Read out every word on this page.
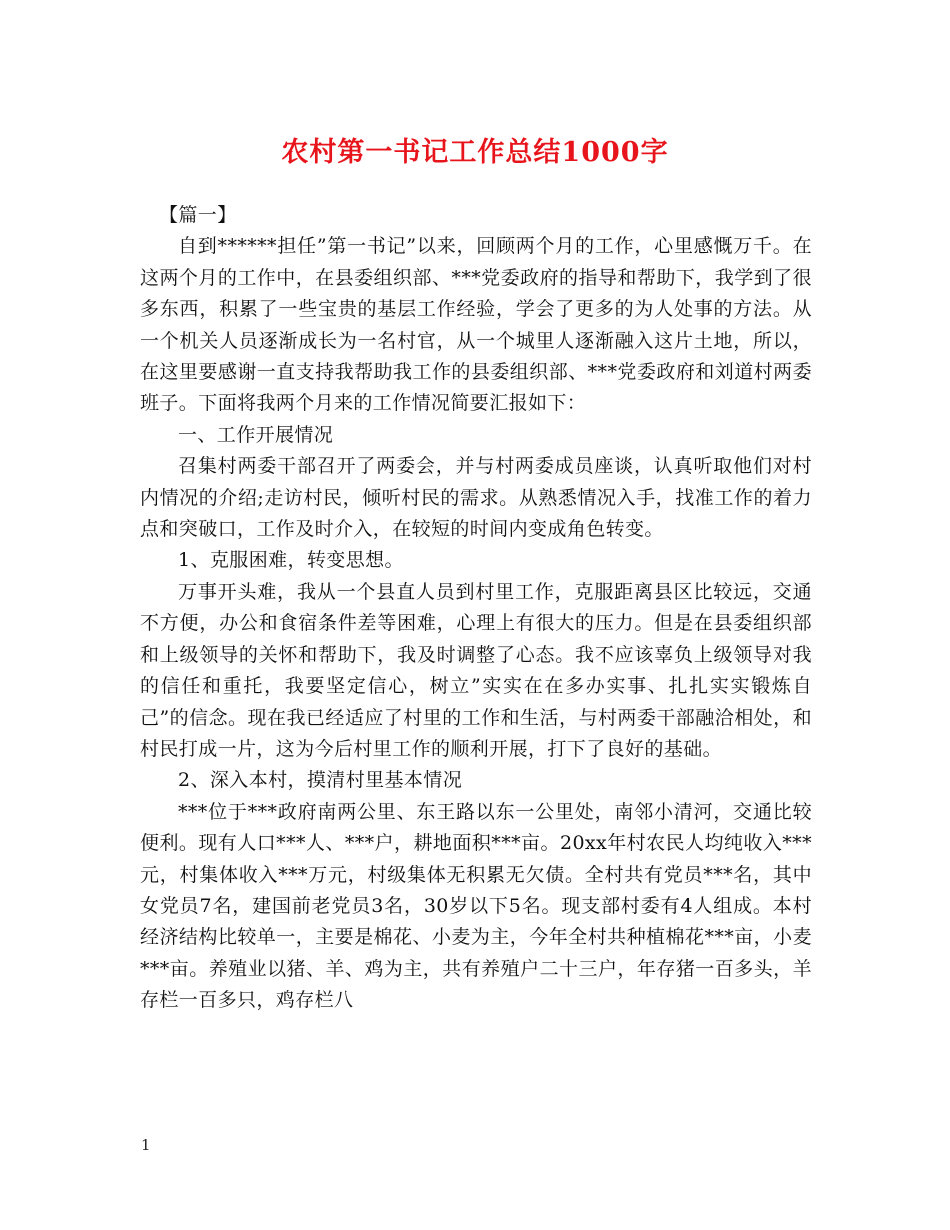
农村第一书记工作总结1000字

【篇一】

自到******担任”第一书记”以来，回顾两个月的工作，心里感慨万千。在这两个月的工作中，在县委组织部、***党委政府的指导和帮助下，我学到了很多东西，积累了一些宝贵的基层工作经验，学会了更多的为人处事的方法。从一个机关人员逐渐成长为一名村官，从一个城里人逐渐融入这片土地，所以，在这里要感谢一直支持我帮助我工作的县委组织部、***党委政府和刘道村两委班子。下面将我两个月来的工作情况简要汇报如下：

一、工作开展情况

召集村两委干部召开了两委会，并与村两委成员座谈，认真听取他们对村内情况的介绍;走访村民，倾听村民的需求。从熟悉情况入手，找准工作的着力点和突破口，工作及时介入，在较短的时间内变成角色转变。

1、克服困难，转变思想。

万事开头难，我从一个县直人员到村里工作，克服距离县区比较远，交通不方便，办公和食宿条件差等困难，心理上有很大的压力。但是在县委组织部和上级领导的关怀和帮助下，我及时调整了心态。我不应该辜负上级领导对我的信任和重托，我要坚定信心，树立”实实在在多办实事、扎扎实实锻炼自己”的信念。现在我已经适应了村里的工作和生活，与村两委干部融洽相处，和村民打成一片，这为今后村里工作的顺利开展，打下了良好的基础。

2、深入本村，摸清村里基本情况

***位于***政府南两公里、东王路以东一公里处，南邻小清河，交通比较便利。现有人口***人、***户，耕地面积***亩。20xx年村农民人均纯收入***元，村集体收入***万元，村级集体无积累无欠债。全村共有党员***名，其中女党员7名，建国前老党员3名，30岁以下5名。现支部村委有4人组成。本村经济结构比较单一，主要是棉花、小麦为主，今年全村共种植棉花***亩，小麦***亩。养殖业以猪、羊、鸡为主，共有养殖户二十三户，年存猪一百多头，羊存栏一百多只，鸡存栏八

1
